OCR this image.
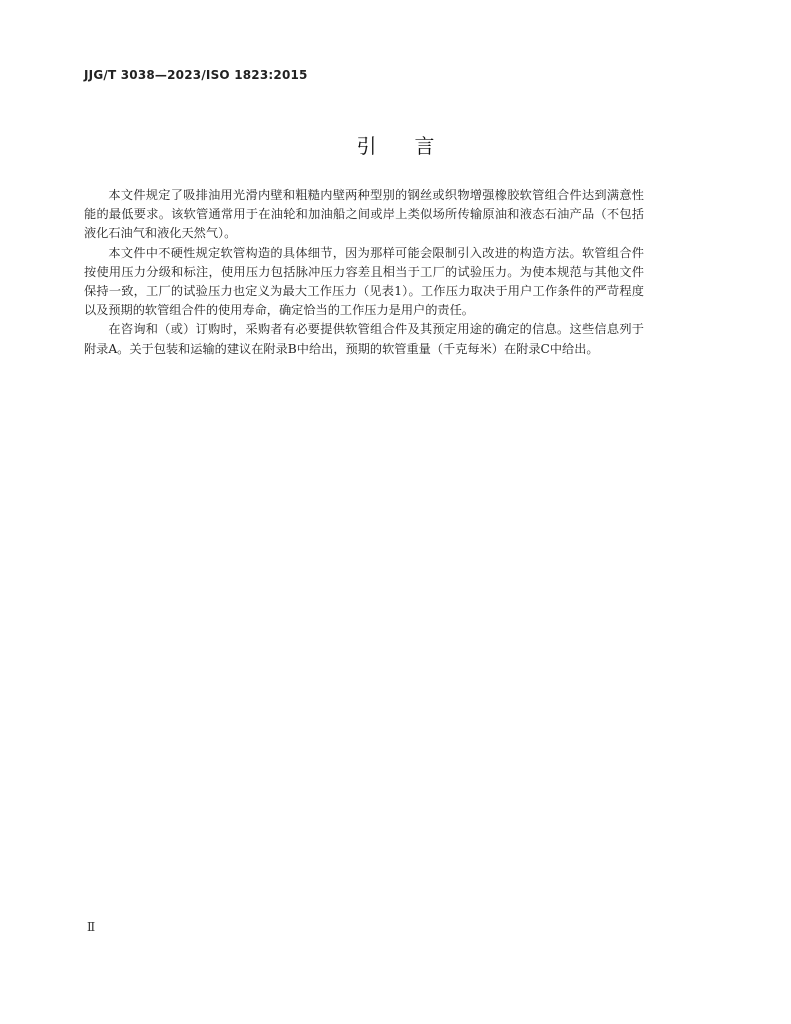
JJG/T 3038—2023/ISO 1823:2015
引言

本文件规定了吸排油用光滑内壁和粗糙内壁两种型别的钢丝或织物增强橡胶软管组合件达到满意性能的最低要求。该软管通常用于在油轮和加油船之间或岸上类似场所传输原油和液态石油产品（不包括液化石油气和液化天然气）。

本文件中不硬性规定软管构造的具体细节，因为那样可能会限制引入改进的构造方法。软管组合件按使用压力分级和标注，使用压力包括脉冲压力容差且相当于工厂的试验压力。为使本规范与其他文件保持一致，工厂的试验压力也定义为最大工作压力（见表1）。工作压力取决于用户工作条件的严苛程度以及预期的软管组合件的使用寿命，确定恰当的工作压力是用户的责任。

在咨询和（或）订购时，采购者有必要提供软管组合件及其预定用途的确定的信息。这些信息列于附录A。关于包装和运输的建议在附录B中给出，预期的软管重量（千克每米）在附录C中给出。

Ⅱ
